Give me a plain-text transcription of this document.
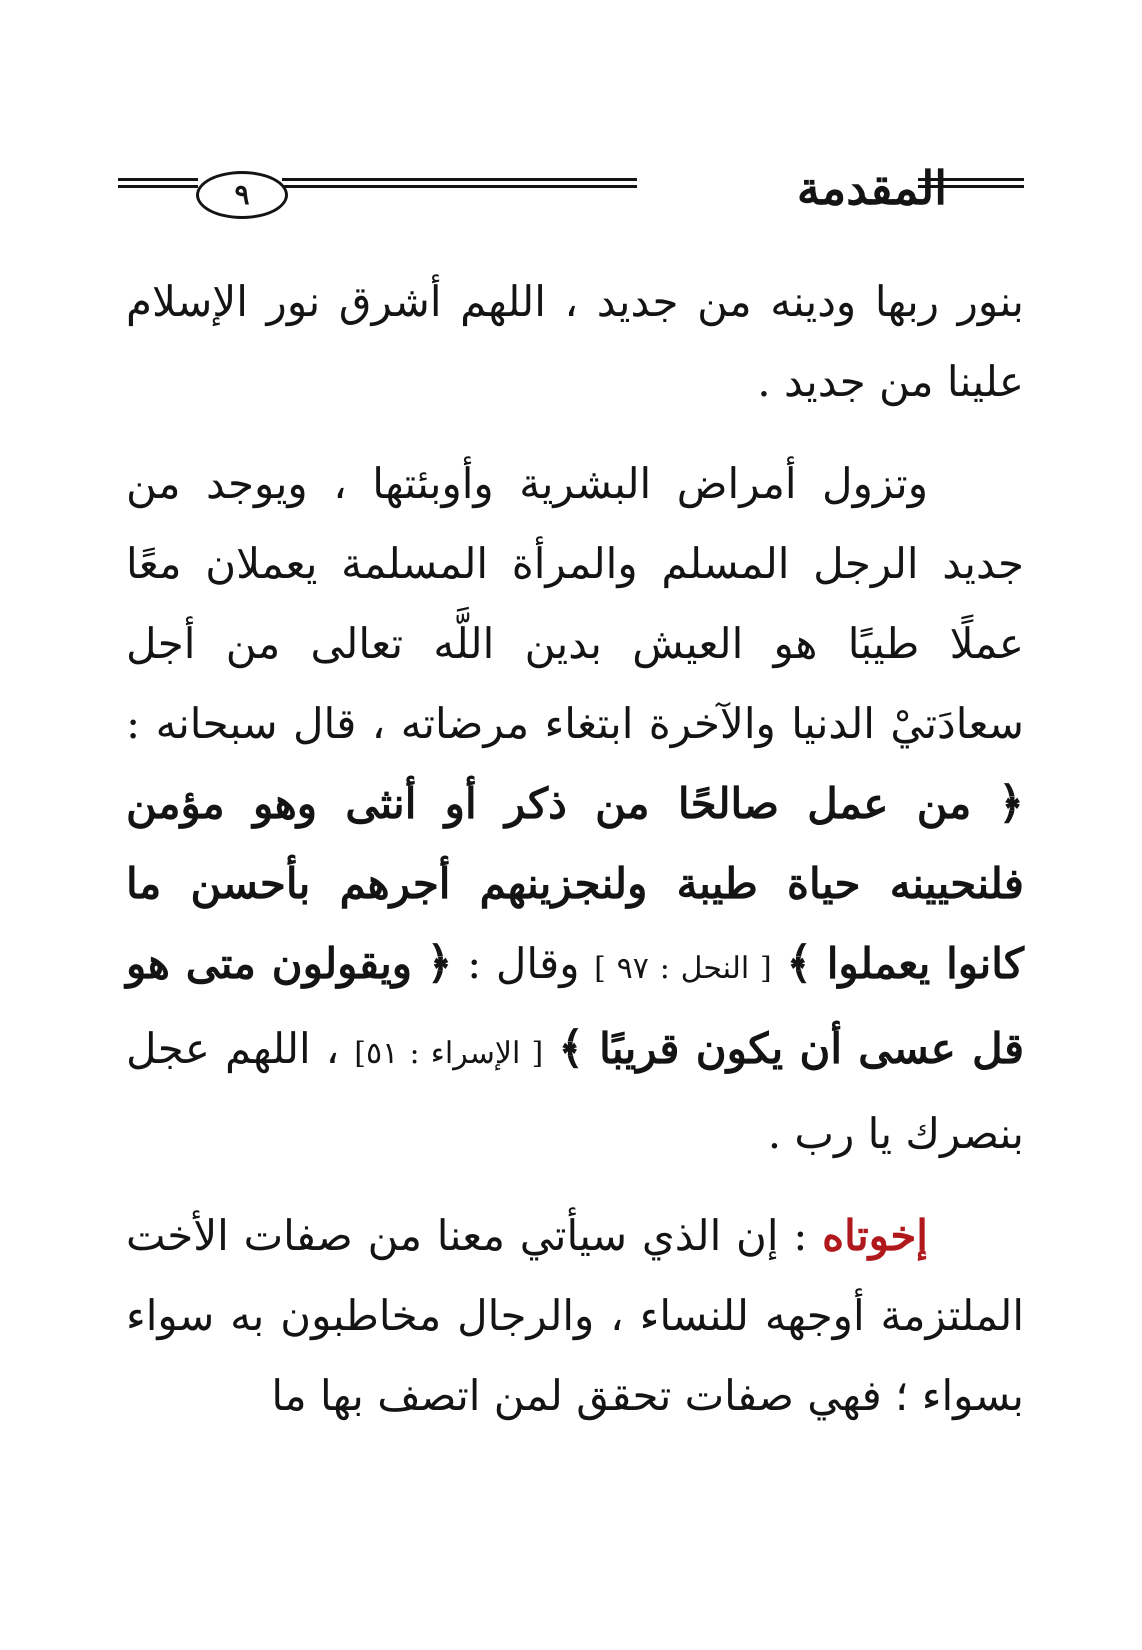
المقدمة
٩

بنور ربها ودينه من جديد ، اللهم أشرق نور الإسلام علينا من جديد .

وتزول أمراض البشرية وأوبئتها ، ويوجد من جديد الرجل المسلم والمرأة المسلمة يعملان معًا عملًا طيبًا هو العيش بدين اللَّه تعالى من أجل سعادَتيْ الدنيا والآخرة ابتغاء مرضاته ، قال سبحانه : ﴿ من عمل صالحًا من ذكر أو أنثى وهو مؤمن فلنحيينه حياة طيبة ولنجزينهم أجرهم بأحسن ما كانوا يعملوا ﴾ [ النحل : ٩٧ ] وقال : ﴿ ويقولون متى هو قل عسى أن يكون قريبًا ﴾ [ الإسراء : ٥١] ، اللهم عجل بنصرك يا رب .

إخوتاه : إن الذي سيأتي معنا من صفات الأخت الملتزمة أوجهه للنساء ، والرجال مخاطبون به سواء بسواء ؛ فهي صفات تحقق لمن اتصف بها ما
